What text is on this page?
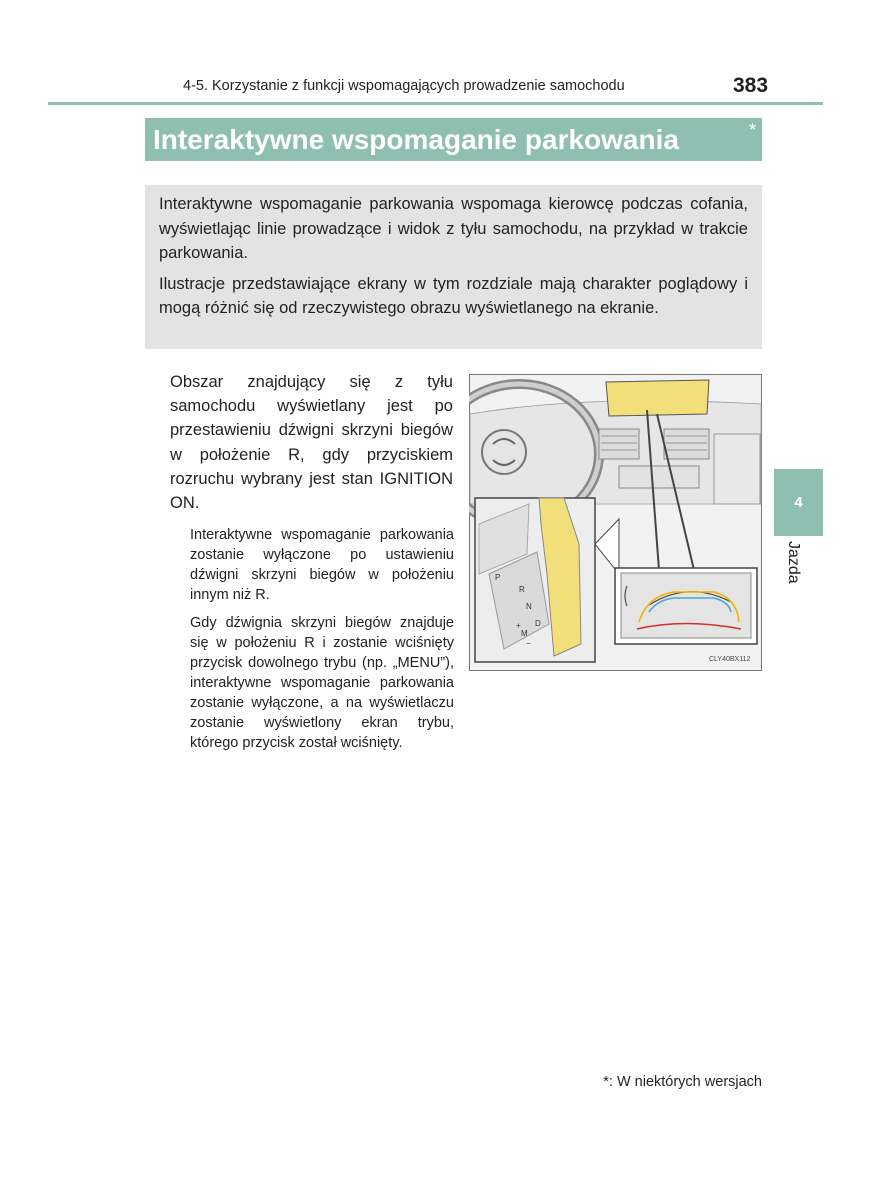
4-5. Korzystanie z funkcji wspomagających prowadzenie samochodu	383
Interaktywne wspomaganie parkowania	*

Interaktywne wspomaganie parkowania wspomaga kierowcę podczas cofania, wyświetlając linie prowadzące i widok z tyłu samochodu, na przykład w trakcie parkowania.

Ilustracje przedstawiające ekrany w tym rozdziale mają charakter poglądowy i mogą różnić się od rzeczywistego obrazu wyświetlanego na ekranie.

Obszar znajdujący się z tyłu samochodu wyświetlany jest po przestawieniu dźwigni skrzyni biegów w położenie R, gdy przyciskiem rozruchu wybrany jest stan IGNITION ON.

Interaktywne wspomaganie parkowania zostanie wyłączone po ustawieniu dźwigni skrzyni biegów w położeniu innym niż R.

Gdy dźwignia skrzyni biegów znajduje się w położeniu R i zostanie wciśnięty przycisk dowolnego trybu (np. „MENU”), interaktywne wspomaganie parkowania zostanie wyłączone, a na wyświetlaczu zostanie wyświetlony ekran trybu, którego przycisk został wciśnięty.

P
R
N
D
M
+
−
CLY40BX112
4
Jazda
*: W niektórych wersjach
